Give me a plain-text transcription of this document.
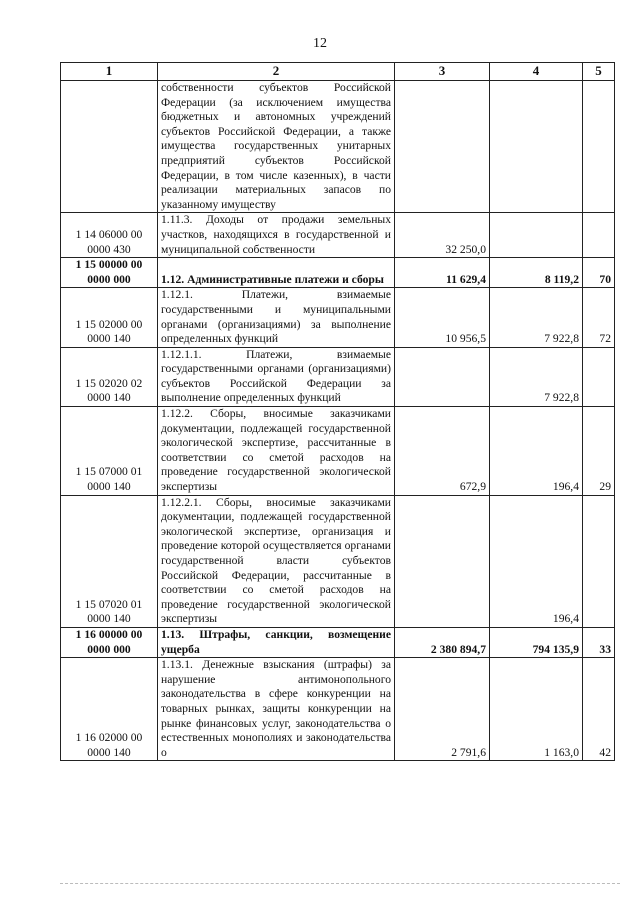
12
1	2	3	4	5
	собственности субъектов Российской Федерации (за исключением имущества бюджетных и автономных учреждений субъектов Российской Федерации, а также имущества государственных унитарных предприятий субъектов Российской Федерации, в том числе казенных), в части реализации материальных запасов по указанному имуществу			
1 14 06000 00 0000 430	1.11.3. Доходы от продажи земельных участков, находящихся в государственной и муниципальной собственности	32 250,0		
1 15 00000 00 0000 000	1.12. Административные платежи и сборы	11 629,4	8 119,2	70
1 15 02000 00 0000 140	1.12.1. Платежи, взимаемые государственными и муниципальными органами (организациями) за выполнение определенных функций	10 956,5	7 922,8	72
1 15 02020 02 0000 140	1.12.1.1. Платежи, взимаемые государственными органами (организациями) субъектов Российской Федерации за выполнение определенных функций		7 922,8	
1 15 07000 01 0000 140	1.12.2. Сборы, вносимые заказчиками документации, подлежащей государственной экологической экспертизе, рассчитанные в соответствии со сметой расходов на проведение государственной экологической экспертизы	672,9	196,4	29
1 15 07020 01 0000 140	1.12.2.1. Сборы, вносимые заказчиками документации, подлежащей государственной экологической экспертизе, организация и проведение которой осуществляется органами государственной власти субъектов Российской Федерации, рассчитанные в соответствии со сметой расходов на проведение государственной экологической экспертизы		196,4	
1 16 00000 00 0000 000	1.13. Штрафы, санкции, возмещение ущерба	2 380 894,7	794 135,9	33
1 16 02000 00 0000 140	1.13.1. Денежные взыскания (штрафы) за нарушение антимонопольного законодательства в сфере конкуренции на товарных рынках, защиты конкуренции на рынке финансовых услуг, законодательства о естественных монополиях и законодательства о	2 791,6	1 163,0	42
